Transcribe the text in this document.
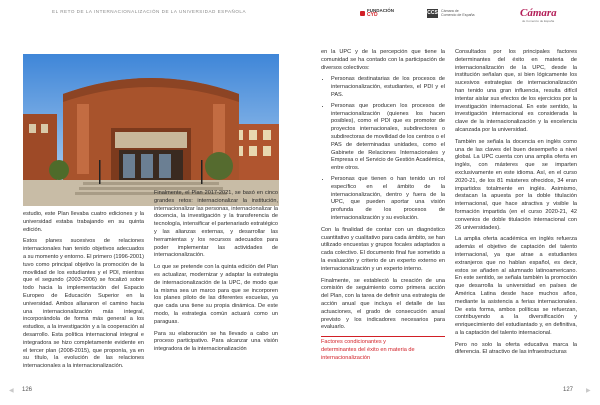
EL RETO DE LA INTERNACIONALIZACIÓN DE LA UNIVERSIDAD ESPAÑOLA	FUNDACIÓN
CYD	CCS Cámara de
Comercio de España	Cámara
de Comercio de España

estudio, este Plan llevaba cuatro ediciones y la universidad estaba trabajando en su quinta edición.

Estos planes sucesivos de relaciones internacionales han tenido objetivos adecuados a su momento y entorno. El primero (1996-2001) tuvo como principal objetivo la promoción de la movilidad de los estudiantes y el PDI, mientras que el segundo (2003-2006) se focalizó sobre todo hacia la implementación del Espacio Europeo de Educación Superior en la universidad. Ambos allanaron el camino hacia una internacionalización más integral, incorporándola de forma más general a los estudios, a la investigación y a la cooperación al desarrollo. Esta política internacional integral e integradora se hizo completamente evidente en el tercer plan (2008-2015), que proponía, ya en su título, la evolución de las relaciones internacionales a la internacionalización.

Finalmente, el Plan 2017-2021, se basó en cinco grandes retos: internacionalizar la institución, internacionalizar las personas, internacionalizar la docencia, la investigación y la transferencia de tecnología, intensificar el partenariado estratégico y las alianzas externas, y desarrollar las herramientas y los recursos adecuados para poder implementar las actividades de internacionalización.

Lo que se pretende con la quinta edición del Plan es actualizar, modernizar y adaptar la estrategia de internacionalización de la UPC, de modo que la misma sea un marco para que se incorporen los planes piloto de las diferentes escuelas, ya que cada una tiene su propia dinámica. De este modo, la estrategia común actuará como un paraguas.

Para su elaboración se ha llevado a cabo un proceso participativo. Para alcanzar una visión integradora de la internacionalización

en la UPC y de la percepción que tiene la comunidad se ha contado con la participación de diversos colectivos:

• Personas destinatarias de los procesos de internacionalización, estudiantes, el PDI y el PAS.
• Personas que producen los procesos de internacionalización (quienes los hacen posibles), como el PDI que es promotor de proyectos internacionales, subdirectores o subdirectoras de movilidad de los centros o el PAS de determinadas unidades, como el Gabinete de Relaciones Internacionales y Empresa o el Servicio de Gestión Académica, entre otros.
• Personas que tienen o han tenido un rol específico en el ámbito de la internacionalización, dentro y fuera de la UPC, que pueden aportar una visión profunda de los procesos de internacionalización y su evolución.

Con la finalidad de contar con un diagnóstico cuantitativo y cualitativo para cada ámbito, se han utilizado encuestas y grupos focales adaptados a cada colectivo. El documento final fue sometido a la evaluación y criterio de un experto externo en internacionalización y un experto interno.

Finalmente, se estableció la creación de una comisión de seguimiento como primera acción del Plan, con la tarea de definir una estrategia de acción anual que incluya el detalle de las actuaciones, el grado de consecución anual previsto y los indicadores necesarios para evaluarlo.

Factores condicionantes y
determinantes del éxito en materia de
internacionalización

Consultados por los principales factores determinantes del éxito en materia de internacionalización de la UPC, desde la institución señalan que, si bien lógicamente los sucesivos estrategias de internacionalización han tenido una gran influencia, resulta difícil intentar aislar sus efectos de los ejercicios por la investigación internacional. En este sentido, la investigación internacional es considerada la clave de la internacionalización y la excelencia alcanzada por la universidad.

También se señala la docencia en inglés como una de las claves del buen desempeño a nivel global. La UPC cuenta con una amplia oferta en inglés, con másteres que se imparten exclusivamente en este idioma. Así, en el curso 2020-21, de los 81 másteres ofrecidos, 34 eran impartidos totalmente en inglés. Asimismo, destacan la apuesta por la doble titulación internacional, que hace atractiva y visible la formación impartida (en el curso 2020-21, 42 convenios de doble titulación internacional con 26 universidades).

La amplia oferta académica en inglés refuerza además el objetivo de captación del talento internacional, ya que atrae a estudiantes extranjeros que no hablan español, es decir, estos se añaden al alumnado latinoamericano. En este sentido, se señala también la promoción que desarrolla la universidad en países de América Latina desde hace muchos años, mediante la asistencia a ferias internacionales. De esta forma, ambos políticas se refuerzan, contribuyendo a la diversificación y enriquecimiento del estudiantado y, en definitiva, a la captación del talento internacional.

Pero no solo la oferta educativa marca la diferencia. El atractivo de las infraestructuras

◀ 126	127 ▶
